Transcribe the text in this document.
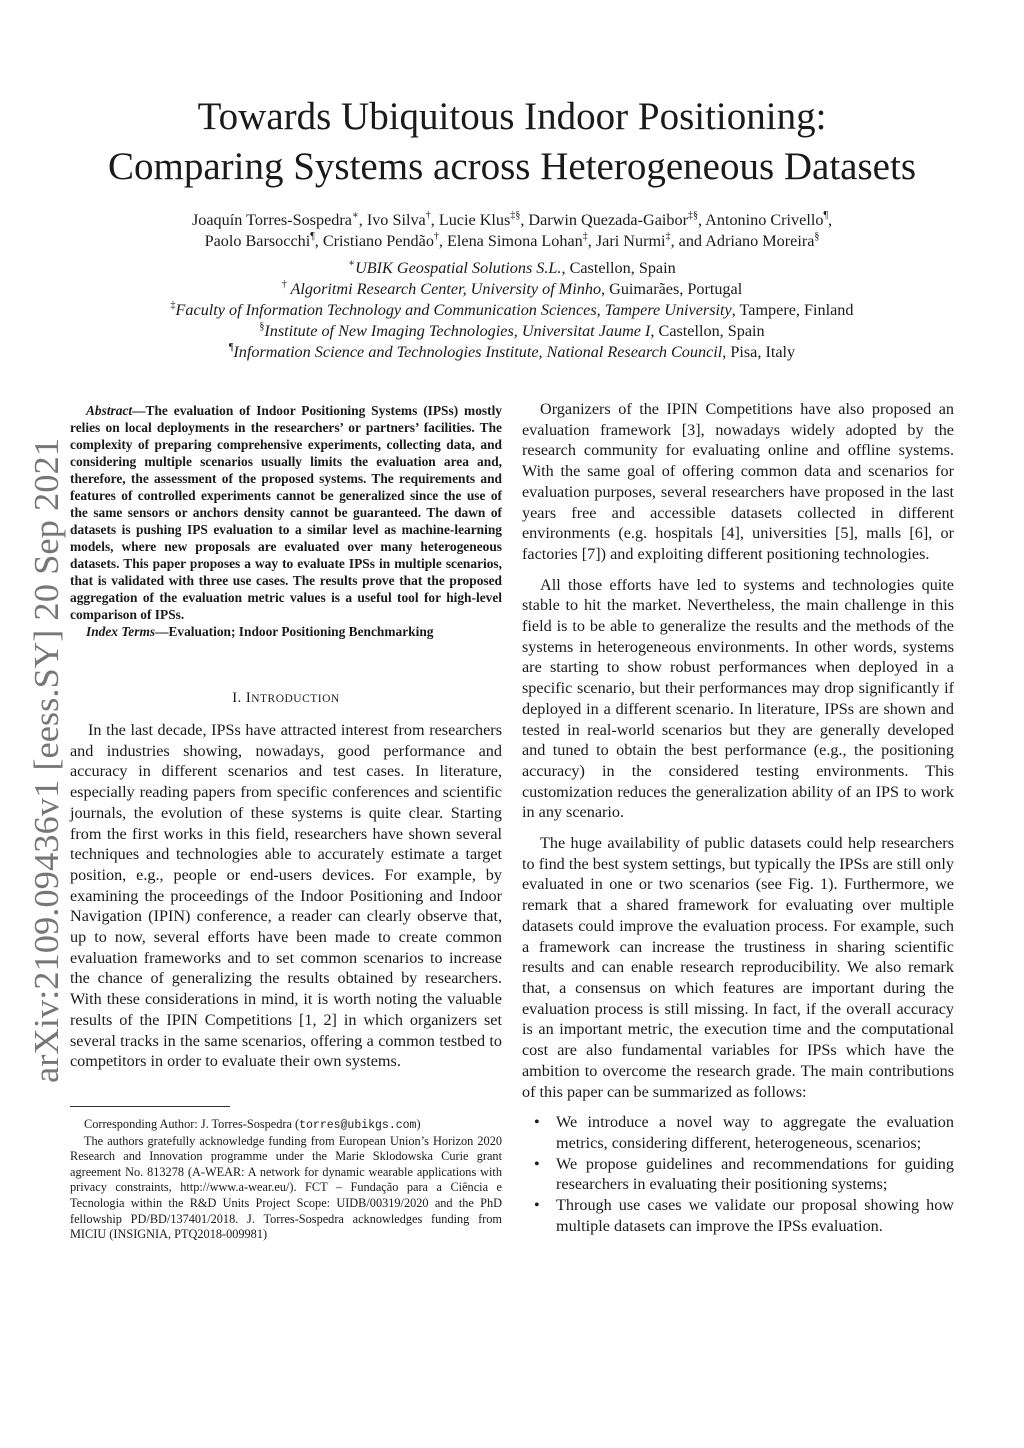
arXiv:2109.09436v1 [eess.SY] 20 Sep 2021
Towards Ubiquitous Indoor Positioning:
Comparing Systems across Heterogeneous Datasets
Joaquín Torres-Sospedra∗, Ivo Silva†, Lucie Klus‡§, Darwin Quezada-Gaibor‡§, Antonino Crivello¶,
Paolo Barsocchi¶, Cristiano Pendão†, Elena Simona Lohan‡, Jari Nurmi‡, and Adriano Moreira§
∗UBIK Geospatial Solutions S.L., Castellon, Spain
† Algoritmi Research Center, University of Minho, Guimarães, Portugal
‡Faculty of Information Technology and Communication Sciences, Tampere University, Tampere, Finland
§Institute of New Imaging Technologies, Universitat Jaume I, Castellon, Spain
¶Information Science and Technologies Institute, National Research Council, Pisa, Italy

Abstract—The evaluation of Indoor Positioning Systems (IPSs) mostly relies on local deployments in the researchers’ or partners’ facilities. The complexity of preparing comprehensive experiments, collecting data, and considering multiple scenarios usually limits the evaluation area and, therefore, the assessment of the proposed systems. The requirements and features of controlled experiments cannot be generalized since the use of the same sensors or anchors density cannot be guaranteed. The dawn of datasets is pushing IPS evaluation to a similar level as machine-learning models, where new proposals are evaluated over many heterogeneous datasets. This paper proposes a way to evaluate IPSs in multiple scenarios, that is validated with three use cases. The results prove that the proposed aggregation of the evaluation metric values is a useful tool for high-level comparison of IPSs.

Index Terms—Evaluation; Indoor Positioning Benchmarking

I. INTRODUCTION

In the last decade, IPSs have attracted interest from researchers and industries showing, nowadays, good performance and accuracy in different scenarios and test cases. In literature, especially reading papers from specific conferences and scientific journals, the evolution of these systems is quite clear. Starting from the first works in this field, researchers have shown several techniques and technologies able to accurately estimate a target position, e.g., people or end-users devices. For example, by examining the proceedings of the Indoor Positioning and Indoor Navigation (IPIN) conference, a reader can clearly observe that, up to now, several efforts have been made to create common evaluation frameworks and to set common scenarios to increase the chance of generalizing the results obtained by researchers. With these considerations in mind, it is worth noting the valuable results of the IPIN Competitions [1, 2] in which organizers set several tracks in the same scenarios, offering a common testbed to competitors in order to evaluate their own systems.

Corresponding Author: J. Torres-Sospedra (torres@ubikgs.com)

The authors gratefully acknowledge funding from European Union’s Horizon 2020 Research and Innovation programme under the Marie Sklodowska Curie grant agreement No. 813278 (A-WEAR: A network for dynamic wearable applications with privacy constraints, http://www.a-wear.eu/). FCT – Fundação para a Ciência e Tecnologia within the R&D Units Project Scope: UIDB/00319/2020 and the PhD fellowship PD/BD/137401/2018. J. Torres-Sospedra acknowledges funding from MICIU (INSIGNIA, PTQ2018-009981)

Organizers of the IPIN Competitions have also proposed an evaluation framework [3], nowadays widely adopted by the research community for evaluating online and offline systems. With the same goal of offering common data and scenarios for evaluation purposes, several researchers have proposed in the last years free and accessible datasets collected in different environments (e.g. hospitals [4], universities [5], malls [6], or factories [7]) and exploiting different positioning technologies.

All those efforts have led to systems and technologies quite stable to hit the market. Nevertheless, the main challenge in this field is to be able to generalize the results and the methods of the systems in heterogeneous environments. In other words, systems are starting to show robust performances when deployed in a specific scenario, but their performances may drop significantly if deployed in a different scenario. In literature, IPSs are shown and tested in real-world scenarios but they are generally developed and tuned to obtain the best performance (e.g., the positioning accuracy) in the considered testing environments. This customization reduces the generalization ability of an IPS to work in any scenario.

The huge availability of public datasets could help researchers to find the best system settings, but typically the IPSs are still only evaluated in one or two scenarios (see Fig. 1). Furthermore, we remark that a shared framework for evaluating over multiple datasets could improve the evaluation process. For example, such a framework can increase the trustiness in sharing scientific results and can enable research reproducibility. We also remark that, a consensus on which features are important during the evaluation process is still missing. In fact, if the overall accuracy is an important metric, the execution time and the computational cost are also fundamental variables for IPSs which have the ambition to overcome the research grade. The main contributions of this paper can be summarized as follows:

• We introduce a novel way to aggregate the evaluation metrics, considering different, heterogeneous, scenarios;
• We propose guidelines and recommendations for guiding researchers in evaluating their positioning systems;
• Through use cases we validate our proposal showing how multiple datasets can improve the IPSs evaluation.
